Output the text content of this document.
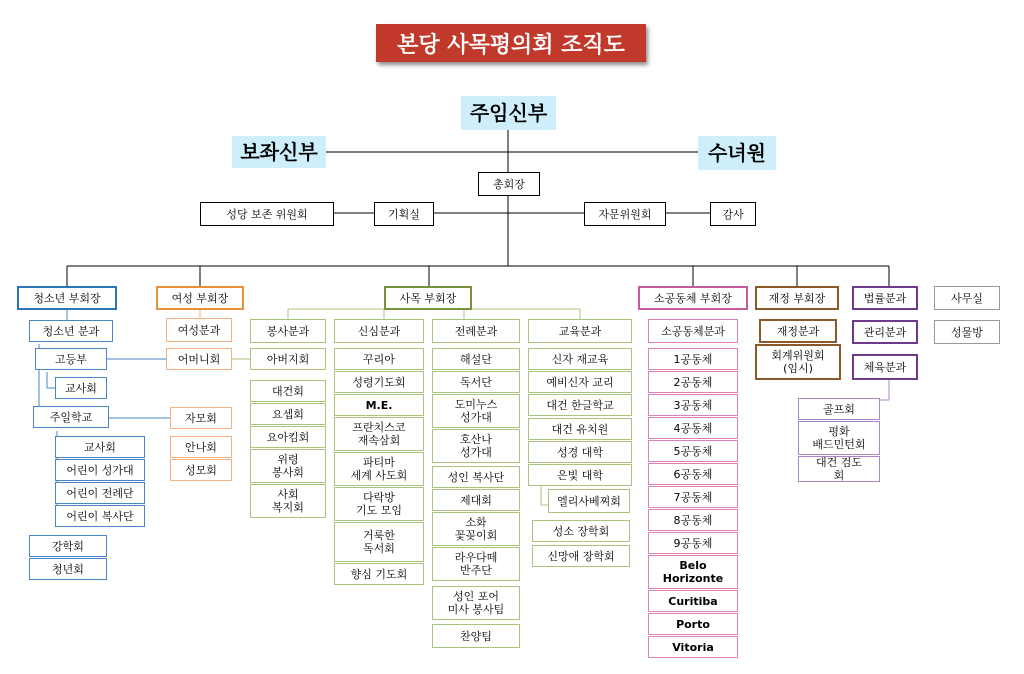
본당 사목평의회 조직도
주임신부
보좌신부	수녀원
총회장
기획실
성당 보존 위원회	자문위원회	감사
청소년 부회장
청소년 분과
고등부
교사회
주일학교
교사회
어린이 성가대
어린이 전례단
어린이 복사단
강학회
청년회
여성 부회장
여성분과
어머니회
자모회
안나회
성모회
사목 부회장
봉사분과
아버지회
대건회
요셉회
요아킴회
위령
봉사회
사회
복지회
신심분과
꾸리아
성령기도회
M.E.
프란치스코
재속삼회
파티마
세계 사도회
다락방
기도 모임
거룩한
독서회
향심 기도회
전례분과
해설단
독서단
도미누스
성가대
호산나
성가대
성인 복사단
제대회
소화
꽃꽂이회
라우다떼
반주단
성인 포어
미사 봉사팀
찬양팀
교육분과
신자 재교육
예비신자 교리
대건 한글학교
대건 유치원
성경 대학
은빛 대학
엘리사베찌회
성소 장학회
신망애 장학회
소공동체 부회장
소공동체분과
1공동체
2공동체
3공동체
4공동체
5공동체
6공동체
7공동체
8공동체
9공동체
Belo
Horizonte
Curitiba
Porto
Vitoria
재정 부회장
재정분과
회계위원회
(임시)
법률분과
관리분과
체육분과
골프회
평화
배드민턴회
대건 검도
회
사무실
성물방
